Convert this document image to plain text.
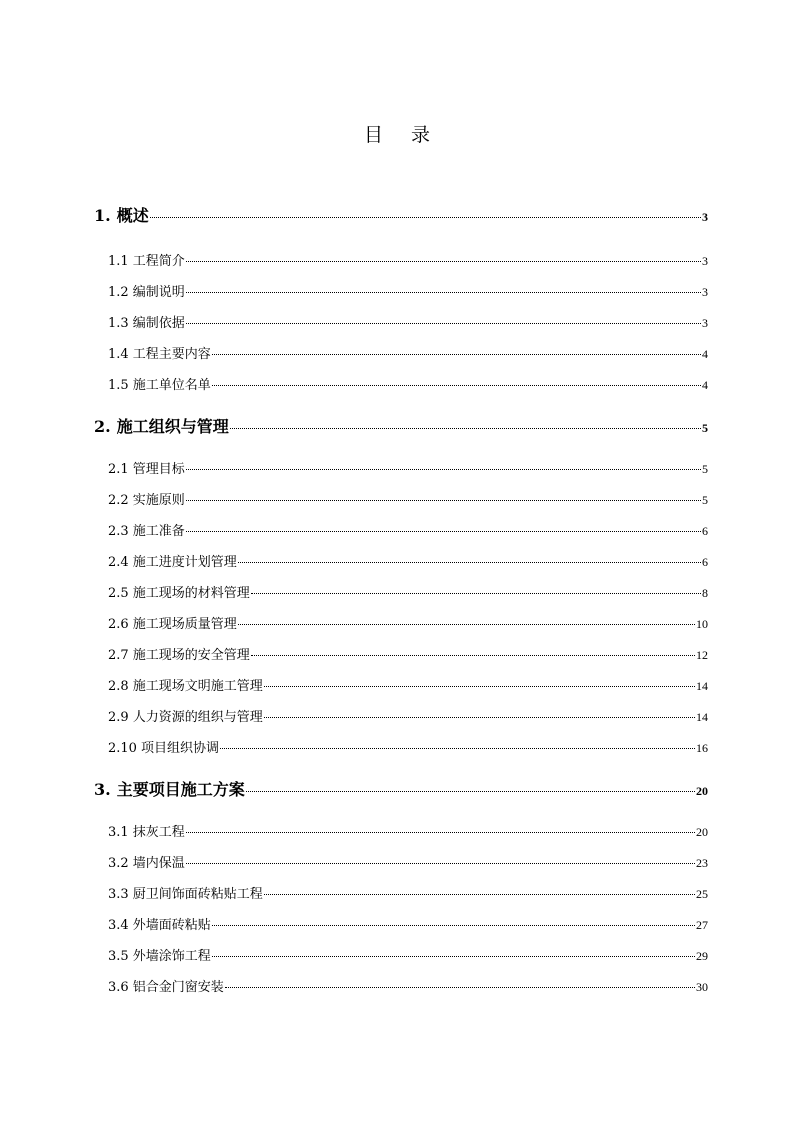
目录
1. 概述	3
1.1 工程简介	3
1.2 编制说明	3
1.3 编制依据	3
1.4 工程主要内容	4
1.5 施工单位名单	4
2. 施工组织与管理	5
2.1 管理目标	5
2.2 实施原则	5
2.3 施工准备	6
2.4 施工进度计划管理	6
2.5 施工现场的材料管理	8
2.6 施工现场质量管理	10
2.7 施工现场的安全管理	12
2.8 施工现场文明施工管理	14
2.9 人力资源的组织与管理	14
2.10 项目组织协调	16
3. 主要项目施工方案	20
3.1 抹灰工程	20
3.2 墙内保温	23
3.3 厨卫间饰面砖粘贴工程	25
3.4 外墙面砖粘贴	27
3.5 外墙涂饰工程	29
3.6 铝合金门窗安装	30
